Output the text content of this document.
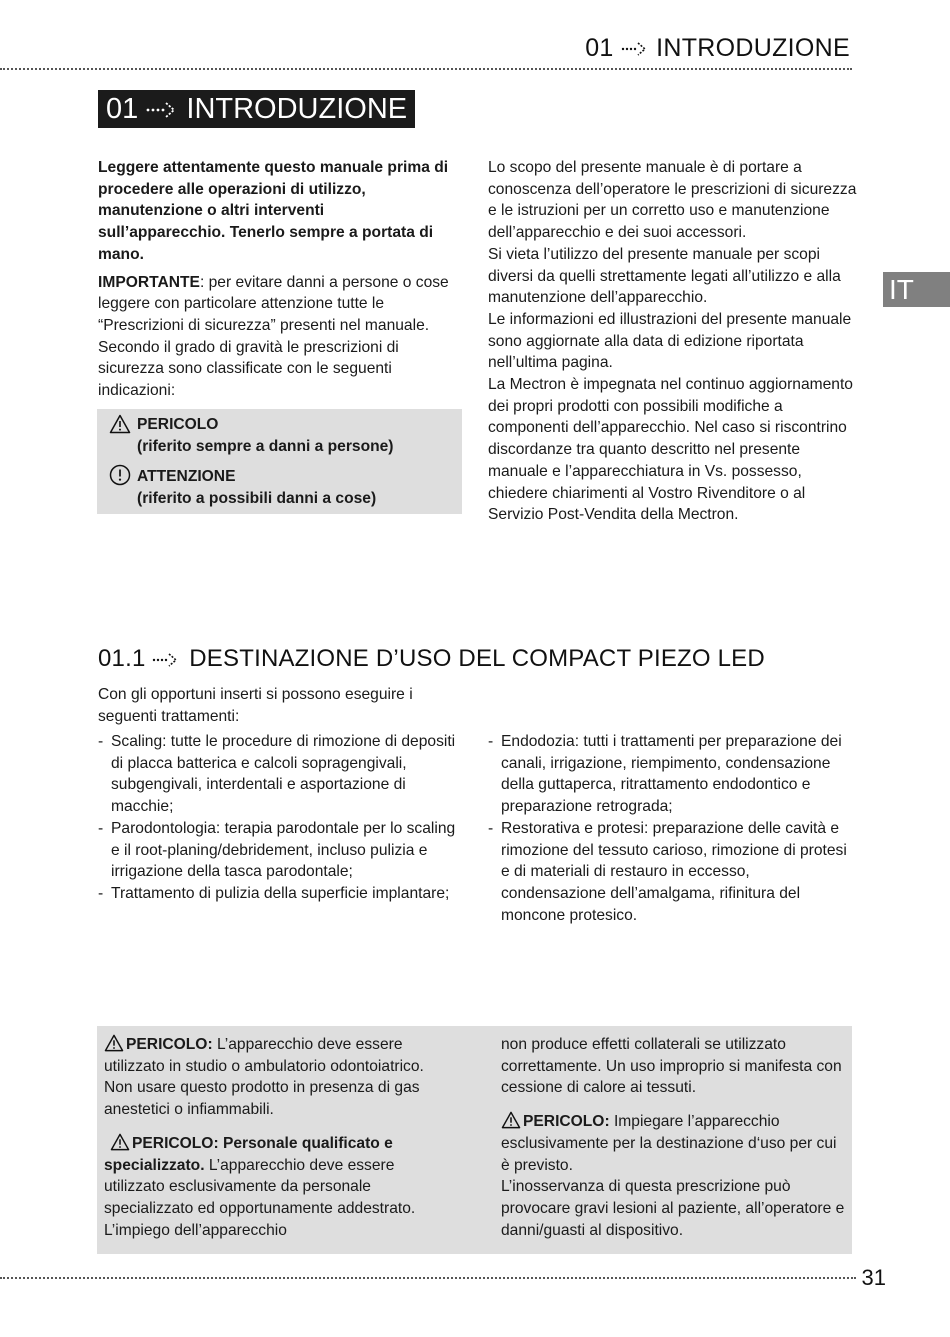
01 INTRODUZIONE
01 INTRODUZIONE
IT

Leggere attentamente questo manuale prima di procedere alle operazioni di utilizzo, manutenzione o altri interventi sull’apparecchio. Tenerlo sempre a portata di mano.

IMPORTANTE: per evitare danni a persone o cose leggere con particolare attenzione tutte le “Prescrizioni di sicurezza” presenti nel manuale. Secondo il grado di gravità le prescrizioni di sicurezza sono classificate con le seguenti indicazioni:

Lo scopo del presente manuale è di portare a conoscenza dell’operatore le prescrizioni di sicurezza e le istruzioni per un corretto uso e manutenzione dell’apparecchio e dei suoi accessori.

Si vieta l’utilizzo del presente manuale per scopi diversi da quelli strettamente legati all’utilizzo e alla manutenzione dell’apparecchio.

Le informazioni ed illustrazioni del presente manuale sono aggiornate alla data di edizione riportata nell’ultima pagina.

La Mectron è impegnata nel continuo aggiornamento dei propri prodotti con possibili modifiche a componenti dell’apparecchio. Nel caso si riscontrino discordanze tra quanto descritto nel presente manuale e l’apparecchiatura in Vs. possesso, chiedere chiarimenti al Vostro Rivenditore o al Servizio Post-Vendita della Mectron.

PERICOLO
(riferito sempre a danni a persone)
ATTENZIONE
(riferito a possibili danni a cose)
01.1 DESTINAZIONE D’USO DEL COMPACT PIEZO LED

Con gli opportuni inserti si possono eseguire i seguenti trattamenti:

- Scaling: tutte le procedure di rimozione di depositi di placca batterica e calcoli sopragengivali, subgengivali, interdentali e asportazione di macchie;
- Parodontologia: terapia parodontale per lo scaling e il root-planing/debridement, incluso pulizia e irrigazione della tasca parodontale;
- Trattamento di pulizia della superficie implantare;
- Endodozia: tutti i trattamenti per preparazione dei canali, irrigazione, riempimento, condensazione della guttaperca, ritrattamento endodontico e preparazione retrograda;
- Restorativa e protesi: preparazione delle cavità e rimozione del tessuto carioso, rimozione di protesi e di materiali di restauro in eccesso, condensazione dell’amalgama, rifinitura del moncone protesico.

PERICOLO: L’apparecchio deve essere utilizzato in studio o ambulatorio odontoiatrico. Non usare questo prodotto in presenza di gas anestetici o infiammabili.

PERICOLO: Personale qualificato e specializzato. L’apparecchio deve essere utilizzato esclusivamente da personale specializzato ed opportunamente addestrato. L’impiego dell’apparecchio

non produce effetti collaterali se utilizzato correttamente. Un uso improprio si manifesta con cessione di calore ai tessuti.

PERICOLO: Impiegare l’apparecchio esclusivamente per la destinazione d‘uso per cui è previsto.

L’inosservanza di questa prescrizione può provocare gravi lesioni al paziente, all’operatore e danni/guasti al dispositivo.

31
